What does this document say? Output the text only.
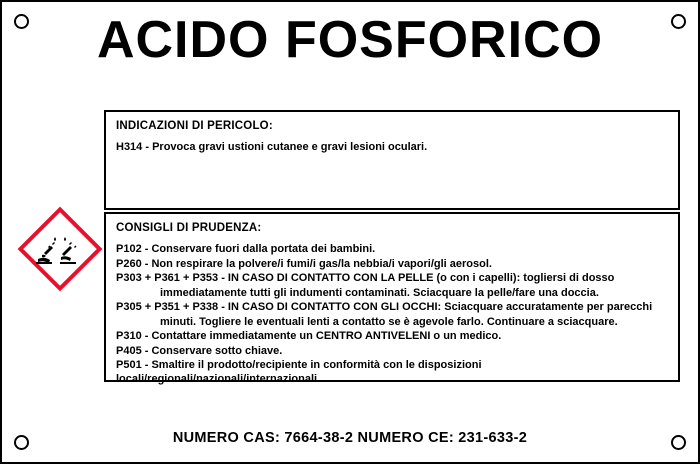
ACIDO FOSFORICO
INDICAZIONI DI PERICOLO:
H314 - Provoca gravi ustioni cutanee e gravi lesioni oculari.
CONSIGLI DI PRUDENZA:
P102 - Conservare fuori dalla portata dei bambini.
P260 - Non respirare la polvere/i fumi/i gas/la nebbia/i vapori/gli aerosol.
P303 + P361 + P353 - IN CASO DI CONTATTO CON LA PELLE (o con i capelli): togliersi di dosso
immediatamente tutti gli indumenti contaminati. Sciacquare la pelle/fare una doccia.
P305 + P351 + P338 - IN CASO DI CONTATTO CON GLI OCCHI: Sciacquare accuratamente per parecchi
minuti. Togliere le eventuali lenti a contatto se è agevole farlo. Continuare a sciacquare.
P310 - Contattare immediatamente un CENTRO ANTIVELENI o un medico.
P405 - Conservare sotto chiave.
P501 - Smaltire il prodotto/recipiente in conformità con le disposizioni locali/regionali/nazionali/internazionali.
NUMERO CAS: 7664-38-2 NUMERO CE: 231-633-2
